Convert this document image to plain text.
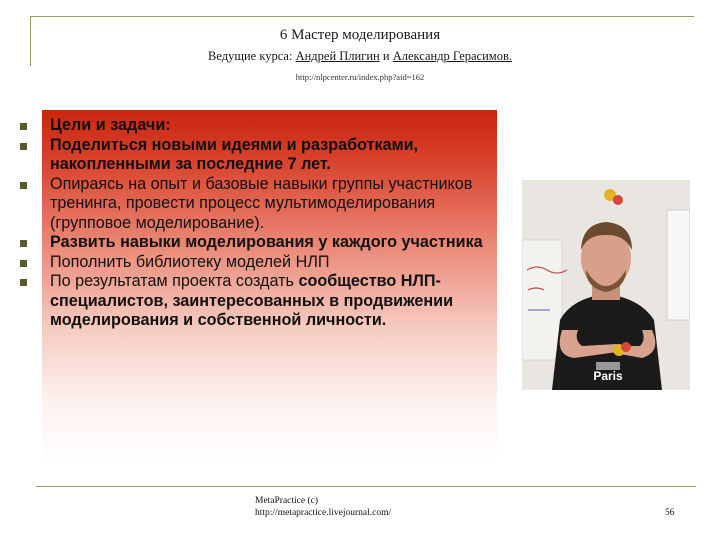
6 Мастер моделирования
Ведущие курса: Андрей Плигин и Александр Герасимов.
http://nlpcenter.ru/index.php?aid=162
Цели и задачи:
Поделиться новыми идеями и разработками, накопленными за последние 7 лет.
Опираясь на опыт и базовые навыки группы участников тренинга, провести процесс мультимоделирования (групповое моделирование).
Развить навыки моделирования у каждого участника
Пополнить библиотеку моделей НЛП
По результатам проекта создать сообщество НЛП-специалистов, заинтересованных в продвижении моделирования и собственной личности.
Paris
MetaPractice (c)
http://metapractice.livejournal.com/	56
